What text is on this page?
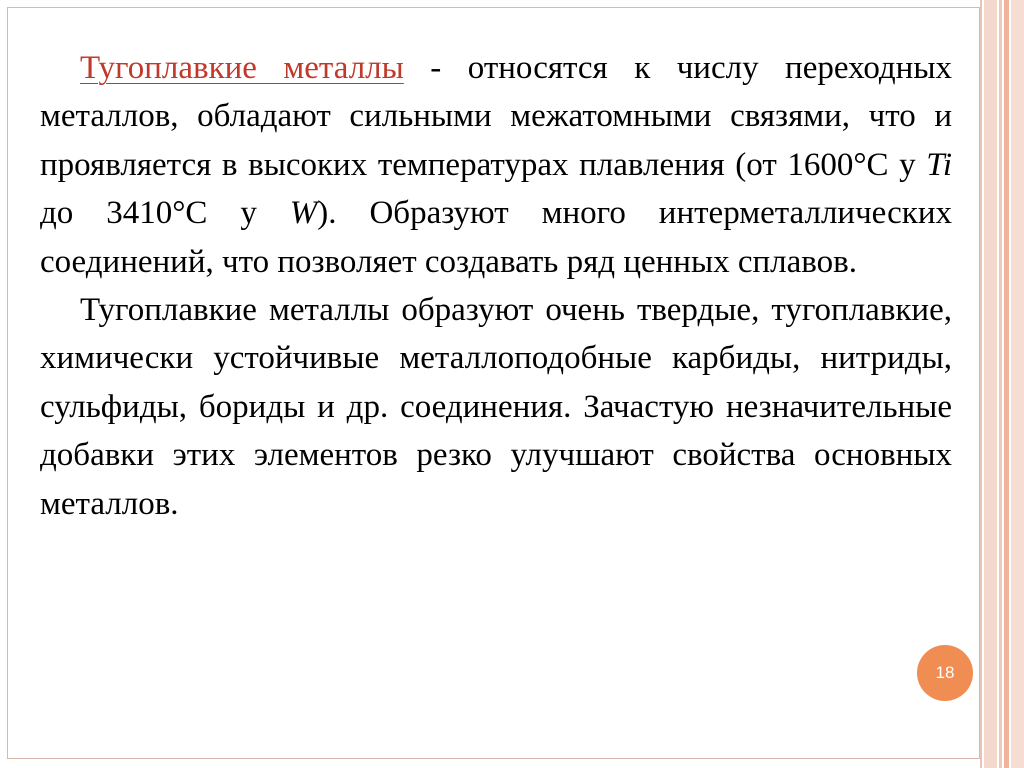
Тугоплавкие металлы - относятся к числу переходных металлов, обладают сильными межатомными связями, что и проявляется в высоких температурах плавления (от 1600°С у Ti до 3410°С у W). Образуют много интерметаллических соединений, что позволяет создавать ряд ценных сплавов.

Тугоплавкие металлы образуют очень твердые, тугоплавкие, химически устойчивые металлоподобные карбиды, нитриды, сульфиды, бориды и др. соединения. Зачастую незначительные добавки этих элементов резко улучшают свойства основных металлов.

18
